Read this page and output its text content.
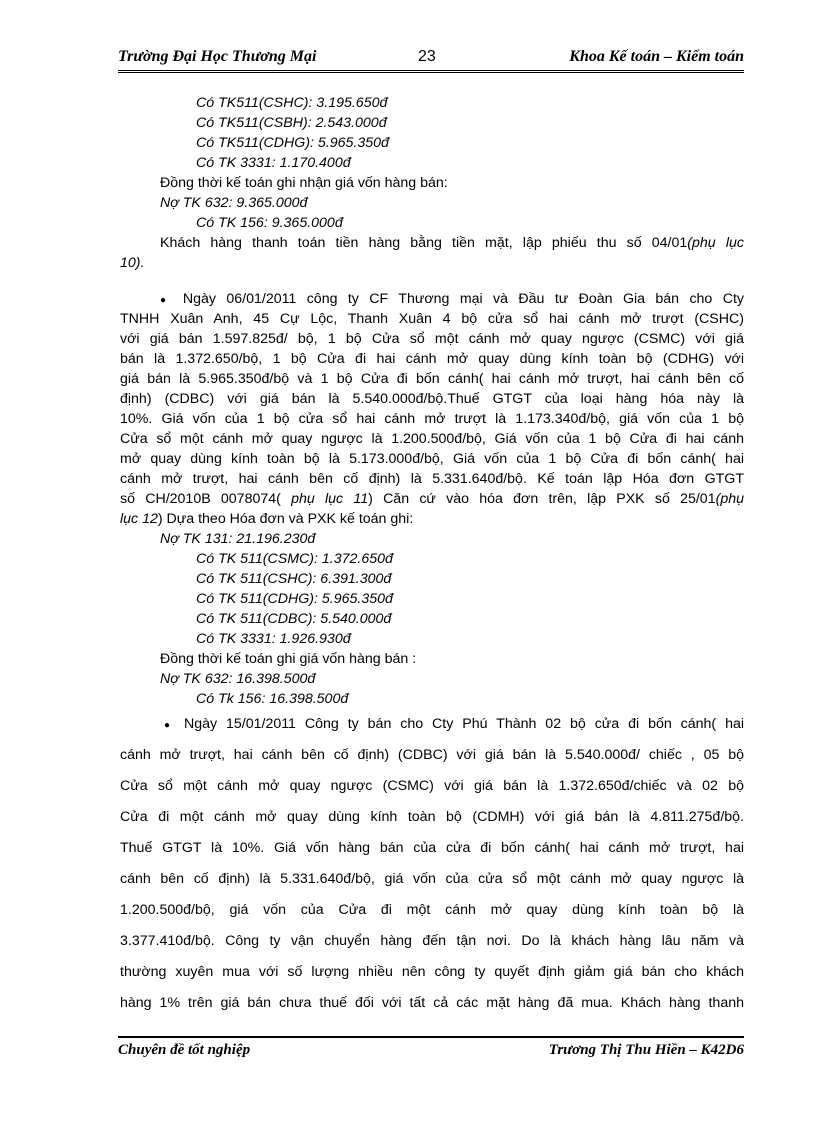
Trường Đại Học Thương Mại	23	Khoa Kế toán – Kiểm toán
Có TK511(CSHC): 3.195.650đ
Có TK511(CSBH): 2.543.000đ
Có TK511(CDHG): 5.965.350đ
Có TK 3331: 1.170.400đ
Đồng thời kế toán ghi nhận giá vốn hàng bán:
Nợ TK 632: 9.365.000đ
Có TK 156: 9.365.000đ
Khách hàng thanh toán tiền hàng bằng tiền mặt, lập phiếu thu số 04/01(phụ lục
10).
● Ngày 06/01/2011 công ty CF Thương mại và Đầu tư Đoàn Gia bán cho Cty
TNHH Xuân Anh, 45 Cự Lộc, Thanh Xuân 4 bộ cửa sổ hai cánh mở trượt (CSHC)
với giá bán 1.597.825đ/ bộ, 1 bộ Cửa sổ một cánh mở quay ngược (CSMC) với giá
bán là 1.372.650/bộ, 1 bộ Cửa đi hai cánh mở quay dùng kính toàn bộ (CDHG) với
giá bán là 5.965.350đ/bộ và 1 bộ Cửa đi bốn cánh( hai cánh mở trượt, hai cánh bên cố
định) (CDBC) với giá bán là 5.540.000đ/bộ.Thuế GTGT của loại hàng hóa này là
10%. Giá vốn của 1 bộ cửa sổ hai cánh mở trượt là 1.173.340đ/bộ, giá vốn của 1 bộ
Cửa sổ một cánh mở quay ngược là 1.200.500đ/bộ, Giá vốn của 1 bộ Cửa đi hai cánh
mở quay dùng kính toàn bộ là 5.173.000đ/bộ, Giá vốn của 1 bộ Cửa đi bốn cánh( hai
cánh mở trượt, hai cánh bên cố định) là 5.331.640đ/bộ. Kế toán lập Hóa đơn GTGT
số CH/2010B 0078074( phụ lục 11) Căn cứ vào hóa đơn trên, lập PXK số 25/01(phụ
lục 12) Dựa theo Hóa đơn và PXK kế toán ghi:
Nợ TK 131: 21.196.230đ
Có TK 511(CSMC): 1.372.650đ
Có TK 511(CSHC): 6.391.300đ
Có TK 511(CDHG): 5.965.350đ
Có TK 511(CDBC): 5.540.000đ
Có TK 3331: 1.926.930đ
Đồng thời kế toán ghi giá vốn hàng bán :
Nợ TK 632: 16.398.500đ
Có Tk 156: 16.398.500đ
● Ngày 15/01/2011 Công ty bán cho Cty Phú Thành 02 bộ cửa đi bốn cánh( hai
cánh mở trượt, hai cánh bên cố định) (CDBC) với giá bán là 5.540.000đ/ chiếc , 05 bộ
Cửa sổ một cánh mở quay ngược (CSMC) với giá bán là 1.372.650đ/chiếc và 02 bộ
Cửa đi một cánh mở quay dùng kính toàn bộ (CDMH) với giá bán là 4.811.275đ/bộ.
Thuế GTGT là 10%. Giá vốn hàng bán của cửa đi bốn cánh( hai cánh mở trượt, hai
cánh bên cố định) là 5.331.640đ/bộ, giá vốn của cửa sổ một cánh mở quay ngược là
1.200.500đ/bộ, giá vốn của Cửa đi một cánh mở quay dùng kính toàn bộ là
3.377.410đ/bộ. Công ty vận chuyển hàng đến tận nơi. Do là khách hàng lâu năm và
thường xuyên mua với số lượng nhiều nên công ty quyết định giảm giá bán cho khách
hàng 1% trên giá bán chưa thuế đối với tất cả các mặt hàng đã mua. Khách hàng thanh
Chuyên đề tốt nghiệp	Trương Thị Thu Hiền – K42D6
